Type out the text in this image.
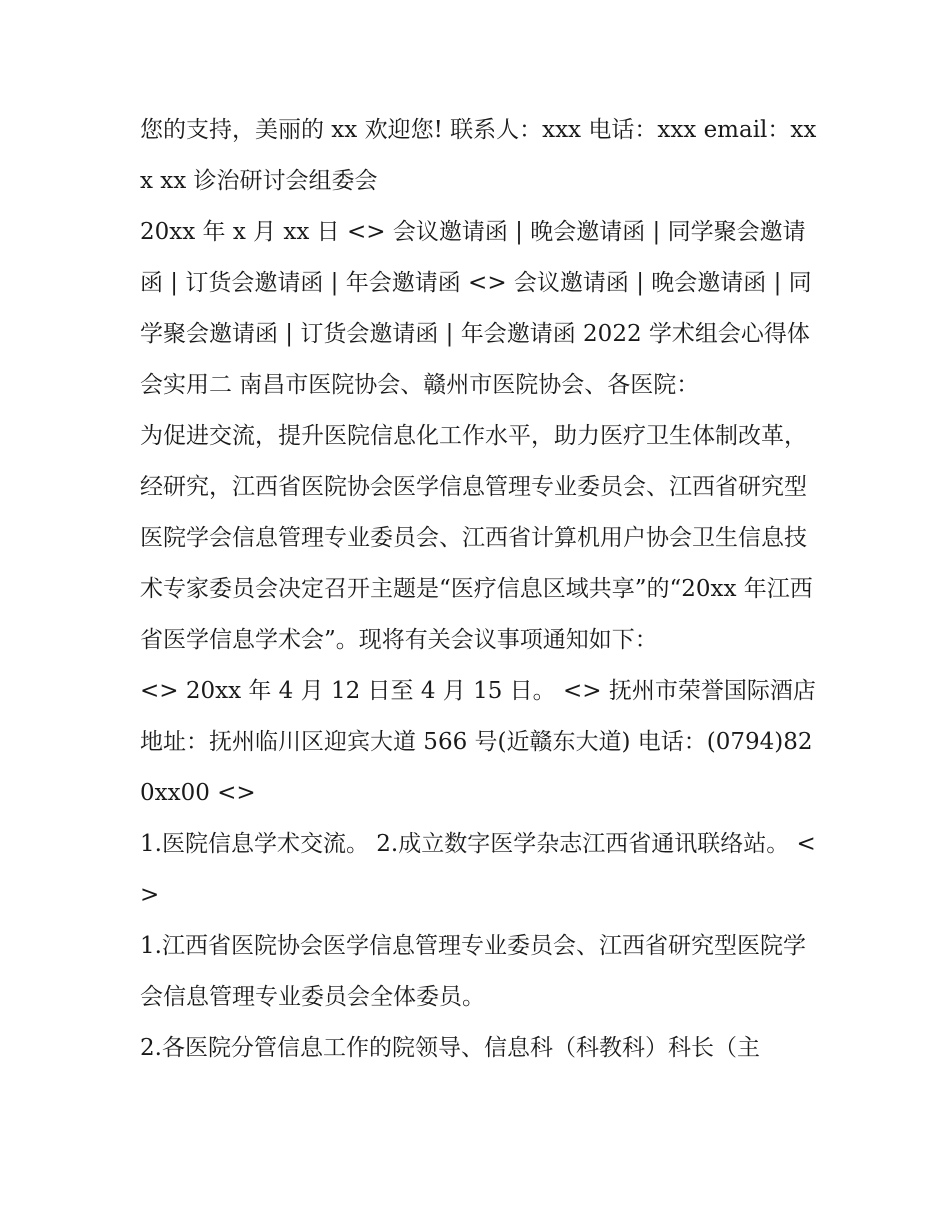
您的支持，美丽的 xx 欢迎您! 联系人：xxx 电话：xxx email：xxx xx 诊治研讨会组委会

20xx 年 x 月 xx 日 <> 会议邀请函 | 晚会邀请函 | 同学聚会邀请函 | 订货会邀请函 | 年会邀请函 <> 会议邀请函 | 晚会邀请函 | 同学聚会邀请函 | 订货会邀请函 | 年会邀请函 2022 学术组会心得体会实用二 南昌市医院协会、赣州市医院协会、各医院：

为促进交流，提升医院信息化工作水平，助力医疗卫生体制改革，经研究，江西省医院协会医学信息管理专业委员会、江西省研究型医院学会信息管理专业委员会、江西省计算机用户协会卫生信息技术专家委员会决定召开主题是“医疗信息区域共享”的“20xx 年江西省医学信息学术会”。现将有关会议事项通知如下：

<> 20xx 年 4 月 12 日至 4 月 15 日。 <> 抚州市荣誉国际酒店 地址：抚州临川区迎宾大道 566 号(近赣东大道) 电话：(0794)820xx00 <>

1.医院信息学术交流。 2.成立数字医学杂志江西省通讯联络站。 <>

1.江西省医院协会医学信息管理专业委员会、江西省研究型医院学会信息管理专业委员会全体委员。

2.各医院分管信息工作的院领导、信息科（科教科）科长（主
